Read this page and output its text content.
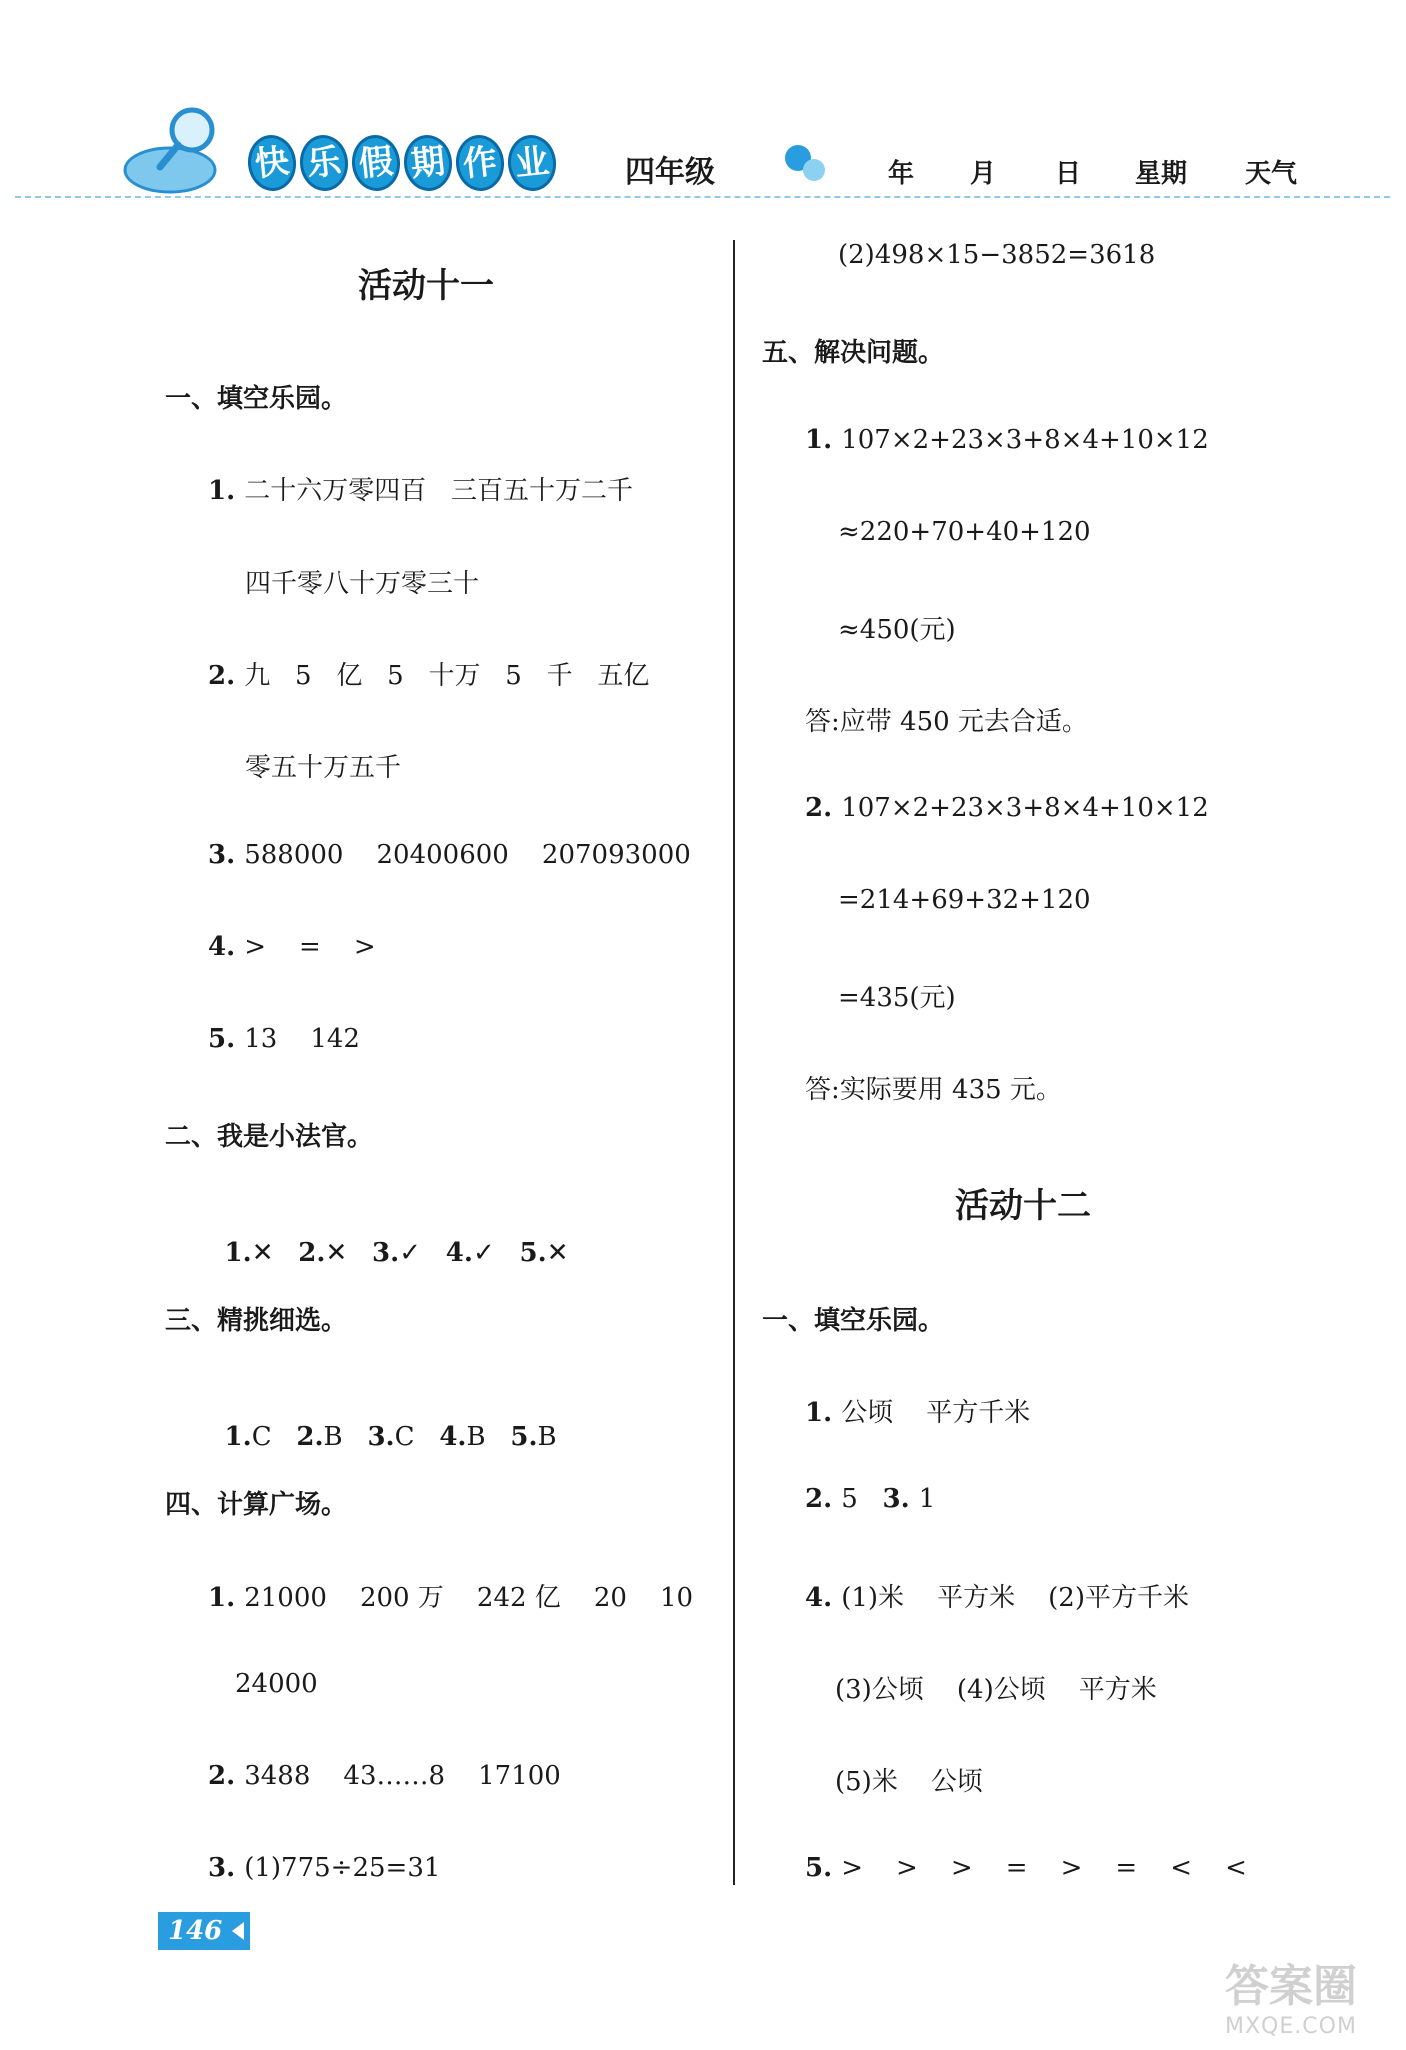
快 乐 假 期 作 业 四年级	年 月 日 星期 天气
活动十一
一、填空乐园。
1. 二十六万零四百   三百五十万二千
四千零八十万零三十
2. 九   5   亿   5   十万   5   千   五亿
零五十万五千
3. 588000    20400600    207093000
4. >    =    >
5. 13    142
二、我是小法官。

1.✕ 2.✕ 3.✓ 4.✓ 5.✕

三、精挑细选。

1.C 2.B 3.C 4.B 5.B

四、计算广场。
1. 21000    200 万    242 亿    20    10
24000
2. 3488    43……8    17100
3. (1)775÷25=31
(2)498×15−3852=3618
五、解决问题。
1. 107×2+23×3+8×4+10×12
≈220+70+40+120
≈450(元)
答:应带 450 元去合适。
2. 107×2+23×3+8×4+10×12
=214+69+32+120
=435(元)
答:实际要用 435 元。
活动十二
一、填空乐园。
1. 公顷    平方千米
2. 5 3. 1
4. (1)米    平方米    (2)平方千米
(3)公顷    (4)公顷    平方米
(5)米    公顷
5. >    >    >    =    >    =    <    <
146
答案圈
MXQE.COM
